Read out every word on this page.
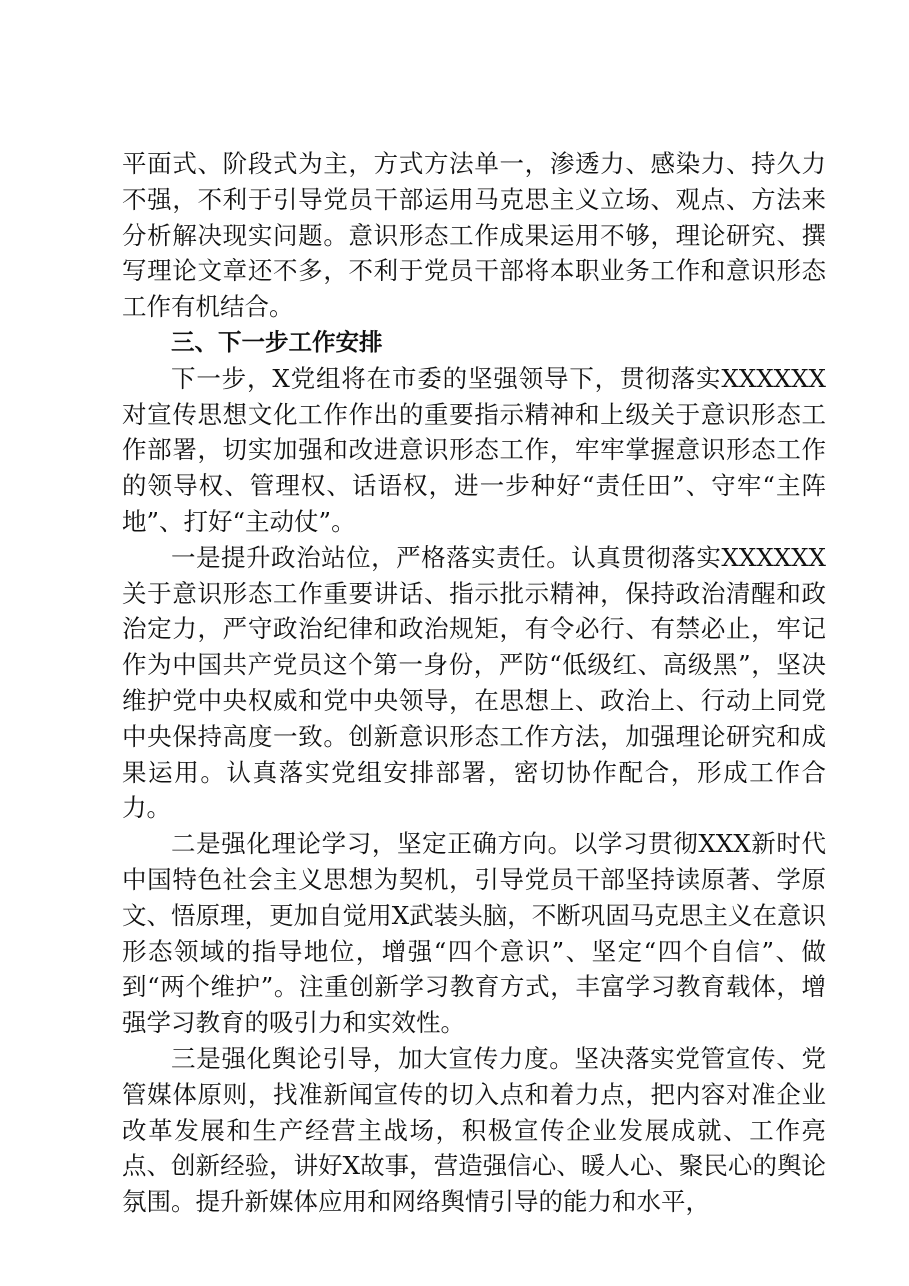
平面式、阶段式为主，方式方法单一，渗透力、感染力、持久力不强，不利于引导党员干部运用马克思主义立场、观点、方法来分析解决现实问题。意识形态工作成果运用不够，理论研究、撰写理论文章还不多，不利于党员干部将本职业务工作和意识形态工作有机结合。

三、下一步工作安排

下一步，X党组将在市委的坚强领导下，贯彻落实XXXXXX对宣传思想文化工作作出的重要指示精神和上级关于意识形态工作部署，切实加强和改进意识形态工作，牢牢掌握意识形态工作的领导权、管理权、话语权，进一步种好“责任田”、守牢“主阵地”、打好“主动仗”。

一是提升政治站位，严格落实责任。认真贯彻落实XXXXXX关于意识形态工作重要讲话、指示批示精神，保持政治清醒和政治定力，严守政治纪律和政治规矩，有令必行、有禁必止，牢记作为中国共产党员这个第一身份，严防“低级红、高级黑”，坚决维护党中央权威和党中央领导，在思想上、政治上、行动上同党中央保持高度一致。创新意识形态工作方法，加强理论研究和成果运用。认真落实党组安排部署，密切协作配合，形成工作合力。

二是强化理论学习，坚定正确方向。以学习贯彻XXX新时代中国特色社会主义思想为契机，引导党员干部坚持读原著、学原文、悟原理，更加自觉用X武装头脑，不断巩固马克思主义在意识形态领域的指导地位，增强“四个意识”、坚定“四个自信”、做到“两个维护”。注重创新学习教育方式，丰富学习教育载体，增强学习教育的吸引力和实效性。

三是强化舆论引导，加大宣传力度。坚决落实党管宣传、党管媒体原则，找准新闻宣传的切入点和着力点，把内容对准企业改革发展和生产经营主战场，积极宣传企业发展成就、工作亮点、创新经验，讲好X故事，营造强信心、暖人心、聚民心的舆论氛围。提升新媒体应用和网络舆情引导的能力和水平，
